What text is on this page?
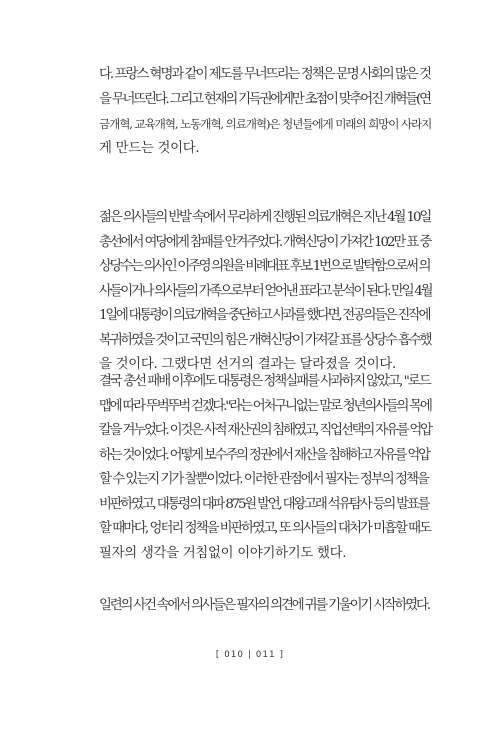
다. 프랑스 혁명과 같이 제도를 무너뜨리는 정책은 문명 사회의 많은 것
을 무너뜨린다. 그리고 현재의 기득권에게만 초점이 맞추어진 개혁들(연
금개혁, 교육개혁, 노동개혁, 의료개혁)은 청년들에게 미래의 희망이 사라지
게 만드는 것이다.
젊은 의사들의 반발 속에서 무리하게 진행된 의료개혁은 지난 4월 10일
총선에서 여당에게 참패를 안겨주었다. 개혁신당이 가져간 102만 표 중
상당수는 의사인 이주영 의원을 비례대표 후보 1번으로 발탁함으로써 의
사들이거나 의사들의 가족으로부터 얻어낸 표라고 분석이 된다. 만일 4월
1일에 대통령이 의료개혁을 중단하고 사과를 했다면, 전공의들은 진작에
복귀하였을 것이고 국민의 힘은 개혁신당이 가져갈 표를 상당수 흡수했
을 것이다. 그랬다면 선거의 결과는 달라졌을 것이다.
결국 총선 패배 이후에도 대통령은 정책실패를 사과하지 않았고, "로드
맵에 따라 뚜벅뚜벅 걷겠다."라는 어처구니없는 말로 청년의사들의 목에
칼을 겨누었다. 이것은 사적 재산권의 침해였고, 직업선택의 자유를 억압
하는 것이었다. 어떻게 보수주의 정권에서 재산을 침해하고 자유를 억압
할 수 있는지 기가 찰뿐이었다. 이러한 관점에서 필자는 정부의 정책을
비판하였고, 대통령의 대파 875원 발언, 대왕고래 석유탐사 등의 발표를
할 때마다, 엉터리 정책을 비판하였고, 또 의사들의 대처가 미흡할 때도
필자의 생각을 거침없이 이야기하기도 했다.
일련의 사건 속에서 의사들은 필자의 의견에 귀를 기울이기 시작하였다.
[ 010 | 011 ]
